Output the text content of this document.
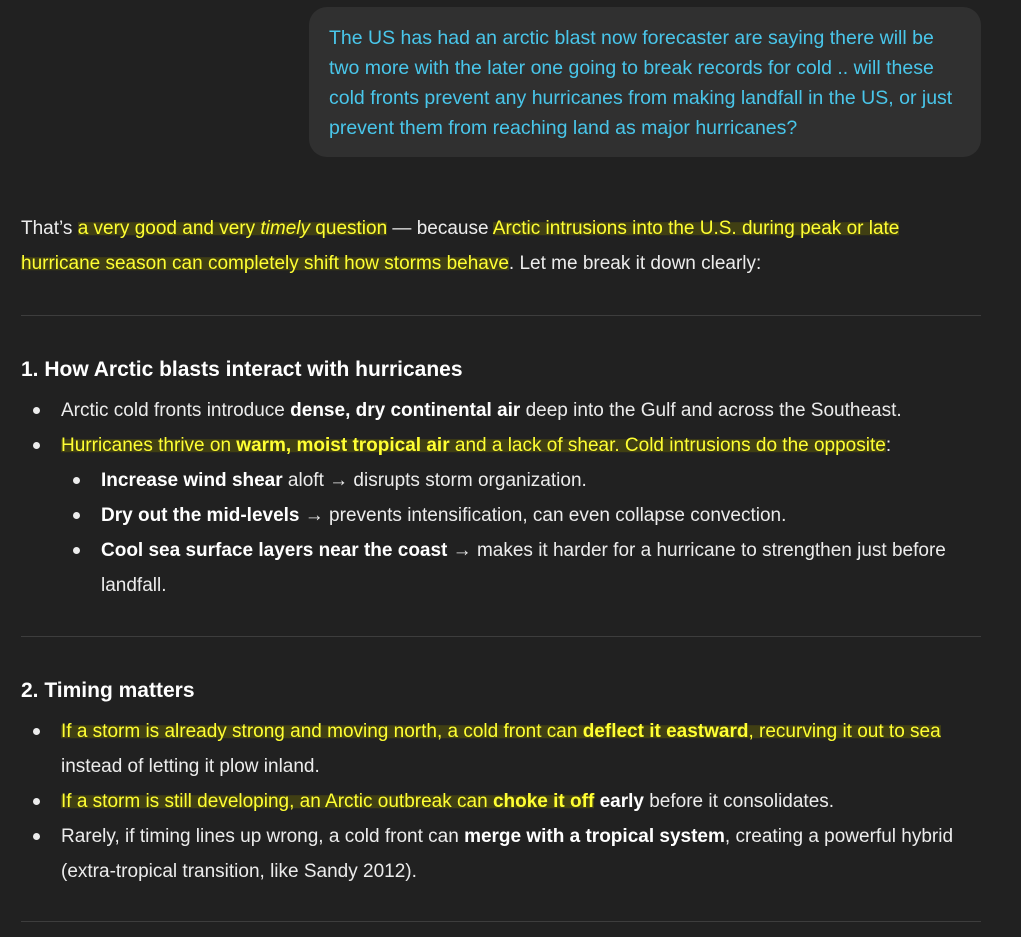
The US has had an arctic blast now forecaster are saying there will be two more with the later one going to break records for cold .. will these cold fronts prevent any hurricanes from making landfall in the US, or just prevent them from reaching land as major hurricanes?

That’s a very good and very timely question — because Arctic intrusions into the U.S. during peak or late hurricane season can completely shift how storms behave. Let me break it down clearly:

1. How Arctic blasts interact with hurricanes
Arctic cold fronts introduce dense, dry continental air deep into the Gulf and across the Southeast.
Hurricanes thrive on warm, moist tropical air and a lack of shear. Cold intrusions do the opposite:
Increase wind shear aloft → disrupts storm organization.
Dry out the mid-levels → prevents intensification, can even collapse convection.
Cool sea surface layers near the coast → makes it harder for a hurricane to strengthen just before landfall.
2. Timing matters
If a storm is already strong and moving north, a cold front can deflect it eastward, recurving it out to sea instead of letting it plow inland.
If a storm is still developing, an Arctic outbreak can choke it off early before it consolidates.
Rarely, if timing lines up wrong, a cold front can merge with a tropical system, creating a powerful hybrid (extra-tropical transition, like Sandy 2012).
